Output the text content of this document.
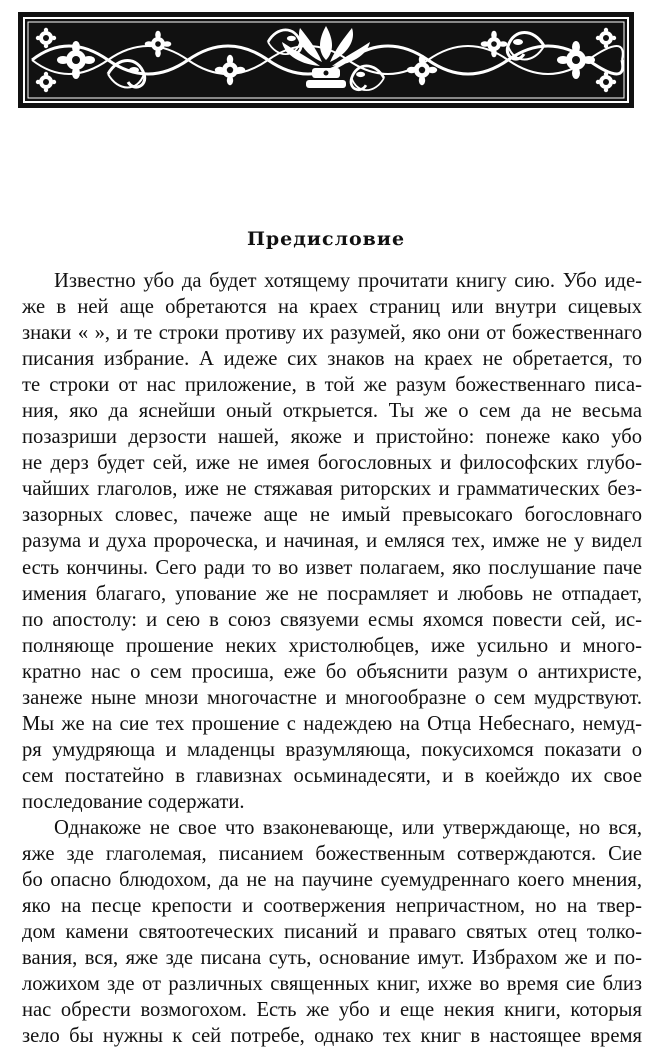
Предисловие
Известно убо да будет хотящему прочитати книгу сию. Убо иде-
же в ней аще обретаются на краех страниц или внутри сицевых
знаки « », и те строки противу их разумей, яко они от божественнаго
писания избрание. А идеже сих знаков на краех не обретается, то
те строки от нас приложение, в той же разум божественнаго писа-
ния, яко да яснейши оный открыется. Ты же о сем да не весьма
позазриши дерзости нашей, якоже и пристойно: понеже како убо
не дерз будет сей, иже не имея богословных и философских глубо-
чайших глаголов, иже не стяжавая риторских и грамматических без-
зазорных словес, пачеже аще не имый превысокаго богословнаго
разума и духа пророческа, и начиная, и емляся тех, имже не у видел
есть кончины. Сего ради то во извет полагаем, яко послушание паче
имения благаго, упование же не посрамляет и любовь не отпадает,
по апостолу: и сею в союз связуеми есмы яхомся повести сей, ис-
полняюще прошение неких христолюбцев, иже усильно и много-
кратно нас о сем просиша, еже бо объяснити разум о антихристе,
занеже ныне мнози многочастне и многообразне о сем мудрствуют.
Мы же на сие тех прошение с надеждею на Отца Небеснаго, немуд-
ря умудряюща и младенцы вразумляюща, покусихомся показати о
сем постатейно в главизнах осьминадесяти, и в коейждо их свое
последование содержати.
Однакоже не свое что взаконевающе, или утверждающе, но вся,
яже зде глаголемая, писанием божественным сотверждаются. Сие
бо опасно блюдохом, да не на паучине суемудреннаго коего мнения,
яко на песце крепости и соотвержения непричастном, но на твер-
дом камени святоотеческих писаний и праваго святых отец толко-
вания, вся, яже зде писана суть, основание имут. Избрахом же и по-
ложихом зде от различных священных книг, ихже во время сие близ
нас обрести возмогохом. Есть же убо и еще некия книги, которыя
зело бы нужны к сей потребе, однако тех книг в настоящее время
